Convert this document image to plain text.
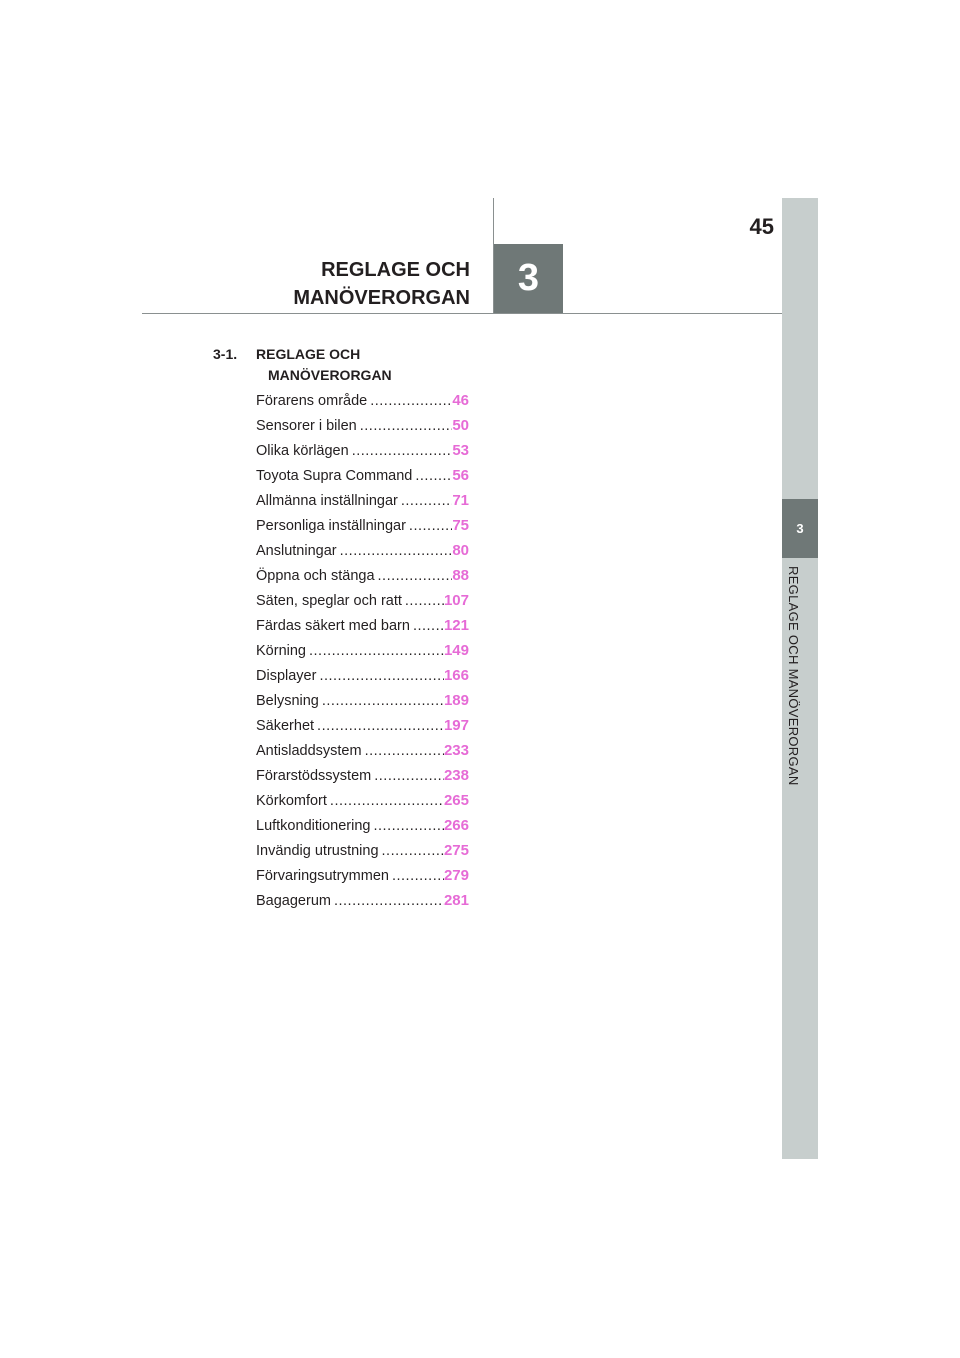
45
REGLAGE OCH
MANÖVERORGAN	3
3
REGLAGE OCH MANÖVERORGAN
3-1.	REGLAGE OCH
MANÖVERORGAN
Förarens område .....	46
Sensorer i bilen .....	50
Olika körlägen .....	53
Toyota Supra Command .....	56
Allmänna inställningar .....	71
Personliga inställningar .....	75
Anslutningar .....	80
Öppna och stänga .....	88
Säten, speglar och ratt .....	107
Färdas säkert med barn ..... 121
Körning .....	149
Displayer .....	166
Belysning .....	189
Säkerhet .....	197
Antisladdsystem .....	233
Förarstödssystem .....	238
Körkomfort .....	265
Luftkonditionering .....	266
Invändig utrustning .....	275
Förvaringsutrymmen .....	279
Bagagerum .....	281
